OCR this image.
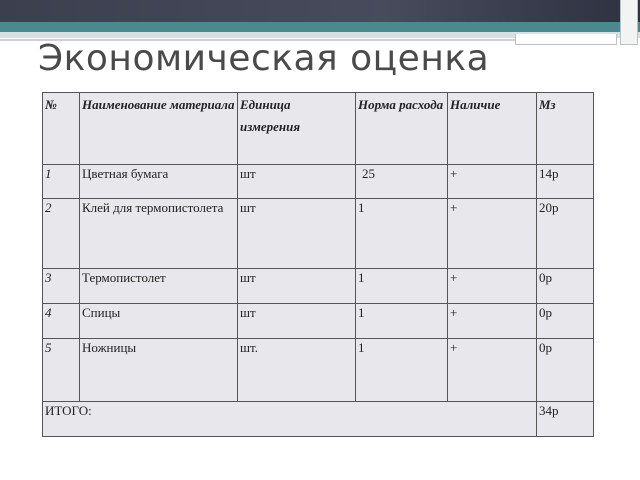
Экономическая оценка
№	Наименование материала	Единица измерения	Норма расхода	Наличие	Мз
1	Цветная бумага	шт	25	+	14р
2	Клей для термопистолета	шт	1	+	20р
3	Термопистолет	шт	1	+	0р
4	Спицы	шт	1	+	0р
5	Ножницы	шт.	1	+	0р
ИТОГО:					34р
